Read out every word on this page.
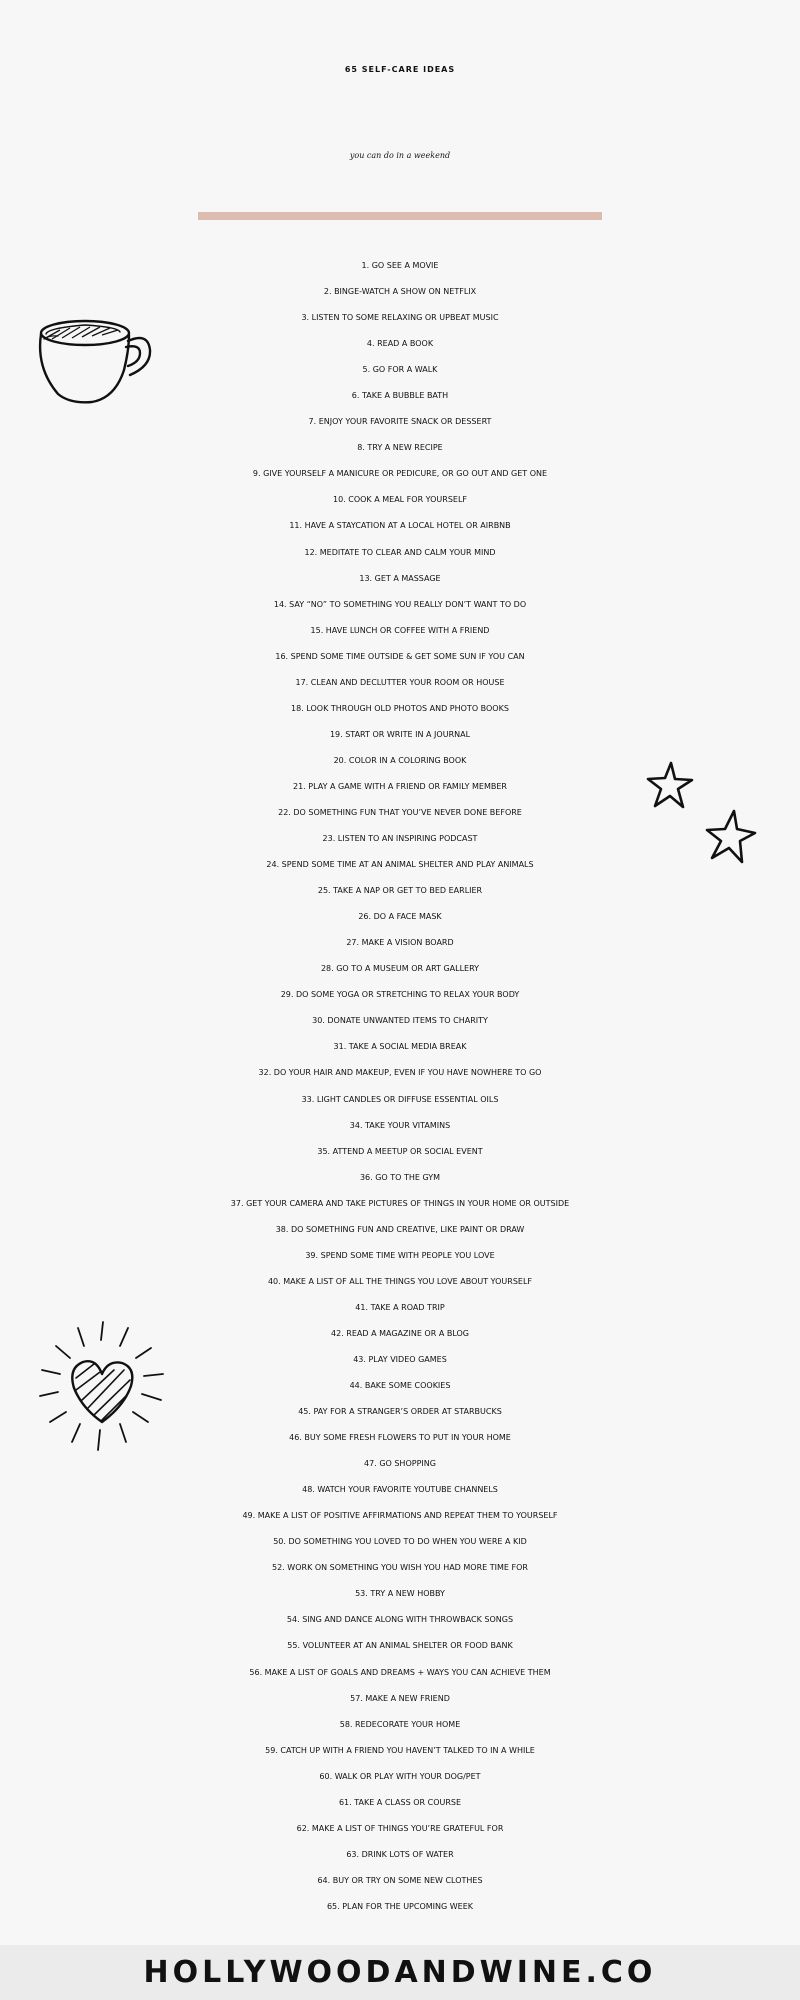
65 SELF-CARE IDEAS
you can do in a weekend
1. GO SEE A MOVIE
2. BINGE-WATCH A SHOW ON NETFLIX
3. LISTEN TO SOME RELAXING OR UPBEAT MUSIC
4. READ A BOOK
5. GO FOR A WALK
6. TAKE A BUBBLE BATH
7. ENJOY YOUR FAVORITE SNACK OR DESSERT
8. TRY A NEW RECIPE
9. GIVE YOURSELF A MANICURE OR PEDICURE, OR GO OUT AND GET ONE
10. COOK A MEAL FOR YOURSELF
11. HAVE A STAYCATION AT A LOCAL HOTEL OR AIRBNB
12. MEDITATE TO CLEAR AND CALM YOUR MIND
13. GET A MASSAGE
14. SAY “NO” TO SOMETHING YOU REALLY DON’T WANT TO DO
15. HAVE LUNCH OR COFFEE WITH A FRIEND
16. SPEND SOME TIME OUTSIDE & GET SOME SUN IF YOU CAN
17. CLEAN AND DECLUTTER YOUR ROOM OR HOUSE
18. LOOK THROUGH OLD PHOTOS AND PHOTO BOOKS
19. START OR WRITE IN A JOURNAL
20. COLOR IN A COLORING BOOK
21. PLAY A GAME WITH A FRIEND OR FAMILY MEMBER
22. DO SOMETHING FUN THAT YOU’VE NEVER DONE BEFORE
23. LISTEN TO AN INSPIRING PODCAST
24. SPEND SOME TIME AT AN ANIMAL SHELTER AND PLAY ANIMALS
25. TAKE A NAP OR GET TO BED EARLIER
26. DO A FACE MASK
27. MAKE A VISION BOARD
28. GO TO A MUSEUM OR ART GALLERY
29. DO SOME YOGA OR STRETCHING TO RELAX YOUR BODY
30. DONATE UNWANTED ITEMS TO CHARITY
31. TAKE A SOCIAL MEDIA BREAK
32. DO YOUR HAIR AND MAKEUP, EVEN IF YOU HAVE NOWHERE TO GO
33. LIGHT CANDLES OR DIFFUSE ESSENTIAL OILS
34. TAKE YOUR VITAMINS
35. ATTEND A MEETUP OR SOCIAL EVENT
36. GO TO THE GYM
37. GET YOUR CAMERA AND TAKE PICTURES OF THINGS IN YOUR HOME OR OUTSIDE
38. DO SOMETHING FUN AND CREATIVE, LIKE PAINT OR DRAW
39. SPEND SOME TIME WITH PEOPLE YOU LOVE
40. MAKE A LIST OF ALL THE THINGS YOU LOVE ABOUT YOURSELF
41. TAKE A ROAD TRIP
42. READ A MAGAZINE OR A BLOG
43. PLAY VIDEO GAMES
44. BAKE SOME COOKIES
45. PAY FOR A STRANGER’S ORDER AT STARBUCKS
46. BUY SOME FRESH FLOWERS TO PUT IN YOUR HOME
47. GO SHOPPING
48. WATCH YOUR FAVORITE YOUTUBE CHANNELS
49. MAKE A LIST OF POSITIVE AFFIRMATIONS AND REPEAT THEM TO YOURSELF
50. DO SOMETHING YOU LOVED TO DO WHEN YOU WERE A KID
52. WORK ON SOMETHING YOU WISH YOU HAD MORE TIME FOR
53. TRY A NEW HOBBY
54. SING AND DANCE ALONG WITH THROWBACK SONGS
55. VOLUNTEER AT AN ANIMAL SHELTER OR FOOD BANK
56. MAKE A LIST OF GOALS AND DREAMS + WAYS YOU CAN ACHIEVE THEM
57. MAKE A NEW FRIEND
58. REDECORATE YOUR HOME
59. CATCH UP WITH A FRIEND YOU HAVEN’T TALKED TO IN A WHILE
60. WALK OR PLAY WITH YOUR DOG/PET
61. TAKE A CLASS OR COURSE
62. MAKE A LIST OF THINGS YOU’RE GRATEFUL FOR
63. DRINK LOTS OF WATER
64. BUY OR TRY ON SOME NEW CLOTHES
65. PLAN FOR THE UPCOMING WEEK
HOLLYWOODANDWINE.CO
